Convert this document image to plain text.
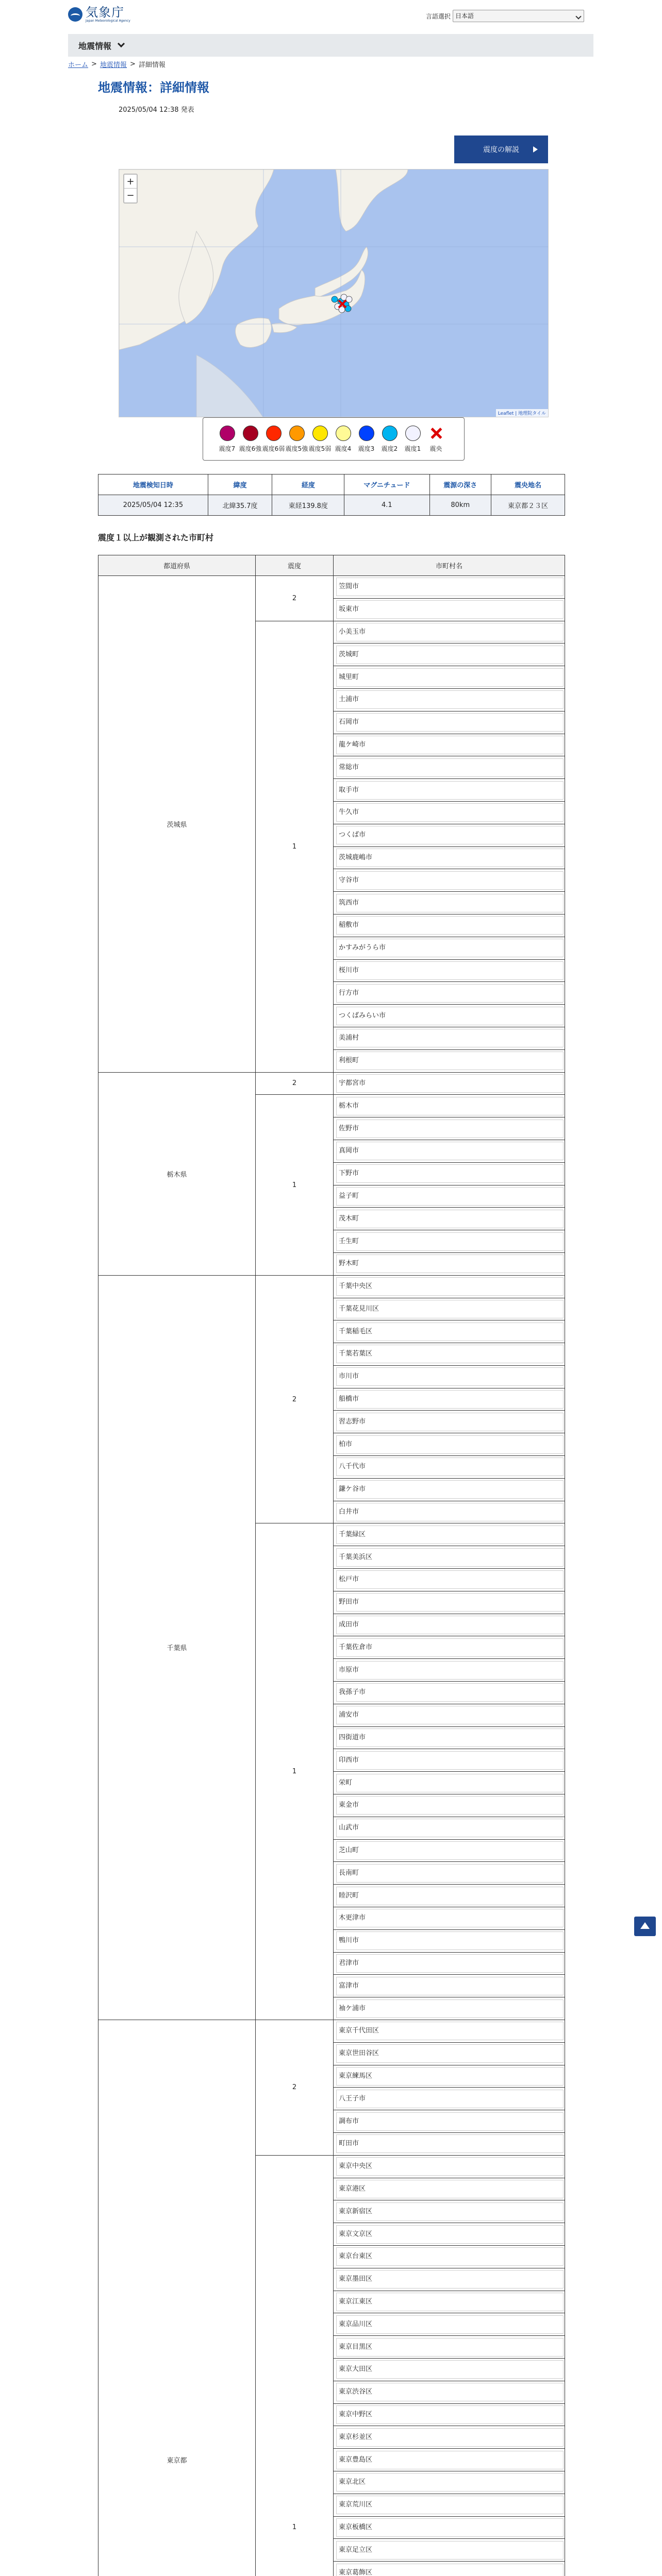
気象庁
Japan Meteorological Agency
言語選択 日本語
地震情報
ホーム > 地震情報 > 詳細情報
地震情報：詳細情報
2025/05/04 12:38 発表
震度の解説
+
−
Leaflet | 地理院タイル
震度7 震度6強 震度6弱 震度5強 震度5弱 震度4 震度3 震度2 震度1 震央
地震検知日時	緯度	経度	マグニチュード	震源の深さ	震央地名
2025/05/04 12:35	北緯35.7度	東経139.8度	4.1	80km	東京都２３区
震度１以上が観測された市町村
都道府県	震度	市町村名
茨城県	2	笠間市

		坂東市

	1	小美玉市

		茨城町

		城里町

		土浦市

		石岡市

		龍ケ崎市

		常総市

		取手市

		牛久市

		つくば市

		茨城鹿嶋市

		守谷市

		筑西市

		稲敷市

		かすみがうら市

		桜川市

		行方市

		つくばみらい市

		美浦村

		利根町

栃木県	2	宇都宮市

	1	栃木市

		佐野市

		真岡市

		下野市

		益子町

		茂木町

		壬生町

		野木町

千葉県	2	千葉中央区

		千葉花見川区

		千葉稲毛区

		千葉若葉区

		市川市

		船橋市

		習志野市

		柏市

		八千代市

		鎌ケ谷市

		白井市

	1	千葉緑区

		千葉美浜区

		松戸市

		野田市

		成田市

		千葉佐倉市

		市原市

		我孫子市

		浦安市

		四街道市

		印西市

		栄町

		東金市

		山武市

		芝山町

		長南町

		睦沢町

		木更津市

		鴨川市

		君津市

		富津市

		袖ケ浦市

東京都	2	東京千代田区

		東京世田谷区

		東京練馬区

		八王子市

		調布市

		町田市

	1	東京中央区

		東京港区

		東京新宿区

		東京文京区

		東京台東区

		東京墨田区

		東京江東区

		東京品川区

		東京目黒区

		東京大田区

		東京渋谷区

		東京中野区

		東京杉並区

		東京豊島区

		東京北区

		東京荒川区

		東京板橋区

		東京足立区

		東京葛飾区
